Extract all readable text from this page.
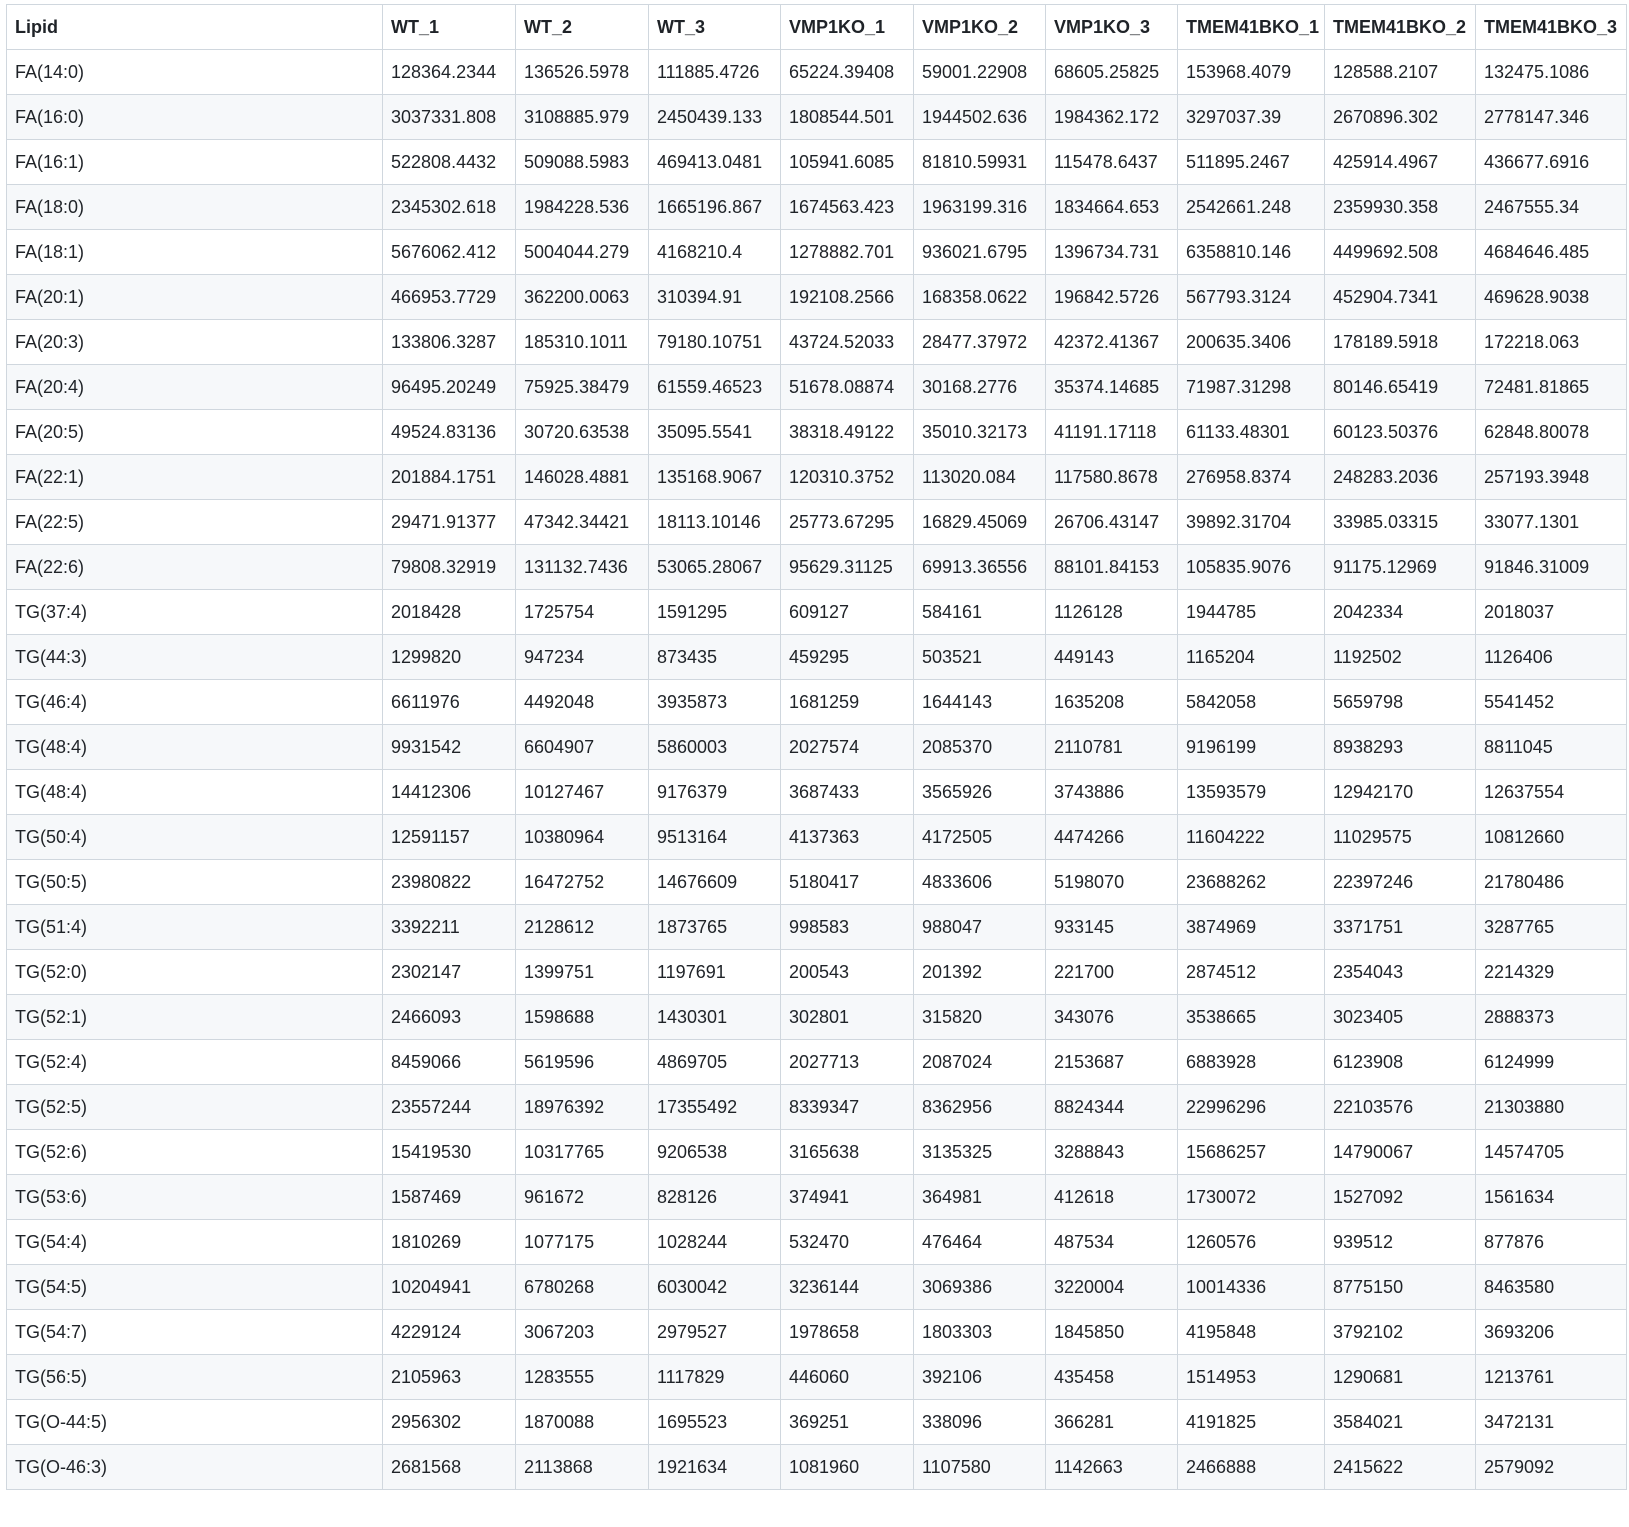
Lipid	WT_1	WT_2	WT_3	VMP1KO_1	VMP1KO_2	VMP1KO_3	TMEM41BKO_1	TMEM41BKO_2	TMEM41BKO_3
FA(14:0)	128364.2344	136526.5978	111885.4726	65224.39408	59001.22908	68605.25825	153968.4079	128588.2107	132475.1086
FA(16:0)	3037331.808	3108885.979	2450439.133	1808544.501	1944502.636	1984362.172	3297037.39	2670896.302	2778147.346
FA(16:1)	522808.4432	509088.5983	469413.0481	105941.6085	81810.59931	115478.6437	511895.2467	425914.4967	436677.6916
FA(18:0)	2345302.618	1984228.536	1665196.867	1674563.423	1963199.316	1834664.653	2542661.248	2359930.358	2467555.34
FA(18:1)	5676062.412	5004044.279	4168210.4	1278882.701	936021.6795	1396734.731	6358810.146	4499692.508	4684646.485
FA(20:1)	466953.7729	362200.0063	310394.91	192108.2566	168358.0622	196842.5726	567793.3124	452904.7341	469628.9038
FA(20:3)	133806.3287	185310.1011	79180.10751	43724.52033	28477.37972	42372.41367	200635.3406	178189.5918	172218.063
FA(20:4)	96495.20249	75925.38479	61559.46523	51678.08874	30168.2776	35374.14685	71987.31298	80146.65419	72481.81865
FA(20:5)	49524.83136	30720.63538	35095.5541	38318.49122	35010.32173	41191.17118	61133.48301	60123.50376	62848.80078
FA(22:1)	201884.1751	146028.4881	135168.9067	120310.3752	113020.084	117580.8678	276958.8374	248283.2036	257193.3948
FA(22:5)	29471.91377	47342.34421	18113.10146	25773.67295	16829.45069	26706.43147	39892.31704	33985.03315	33077.1301
FA(22:6)	79808.32919	131132.7436	53065.28067	95629.31125	69913.36556	88101.84153	105835.9076	91175.12969	91846.31009
TG(37:4)	2018428	1725754	1591295	609127	584161	1126128	1944785	2042334	2018037
TG(44:3)	1299820	947234	873435	459295	503521	449143	1165204	1192502	1126406
TG(46:4)	6611976	4492048	3935873	1681259	1644143	1635208	5842058	5659798	5541452
TG(48:4)	9931542	6604907	5860003	2027574	2085370	2110781	9196199	8938293	8811045
TG(48:4)	14412306	10127467	9176379	3687433	3565926	3743886	13593579	12942170	12637554
TG(50:4)	12591157	10380964	9513164	4137363	4172505	4474266	11604222	11029575	10812660
TG(50:5)	23980822	16472752	14676609	5180417	4833606	5198070	23688262	22397246	21780486
TG(51:4)	3392211	2128612	1873765	998583	988047	933145	3874969	3371751	3287765
TG(52:0)	2302147	1399751	1197691	200543	201392	221700	2874512	2354043	2214329
TG(52:1)	2466093	1598688	1430301	302801	315820	343076	3538665	3023405	2888373
TG(52:4)	8459066	5619596	4869705	2027713	2087024	2153687	6883928	6123908	6124999
TG(52:5)	23557244	18976392	17355492	8339347	8362956	8824344	22996296	22103576	21303880
TG(52:6)	15419530	10317765	9206538	3165638	3135325	3288843	15686257	14790067	14574705
TG(53:6)	1587469	961672	828126	374941	364981	412618	1730072	1527092	1561634
TG(54:4)	1810269	1077175	1028244	532470	476464	487534	1260576	939512	877876
TG(54:5)	10204941	6780268	6030042	3236144	3069386	3220004	10014336	8775150	8463580
TG(54:7)	4229124	3067203	2979527	1978658	1803303	1845850	4195848	3792102	3693206
TG(56:5)	2105963	1283555	1117829	446060	392106	435458	1514953	1290681	1213761
TG(O-44:5)	2956302	1870088	1695523	369251	338096	366281	4191825	3584021	3472131
TG(O-46:3)	2681568	2113868	1921634	1081960	1107580	1142663	2466888	2415622	2579092
